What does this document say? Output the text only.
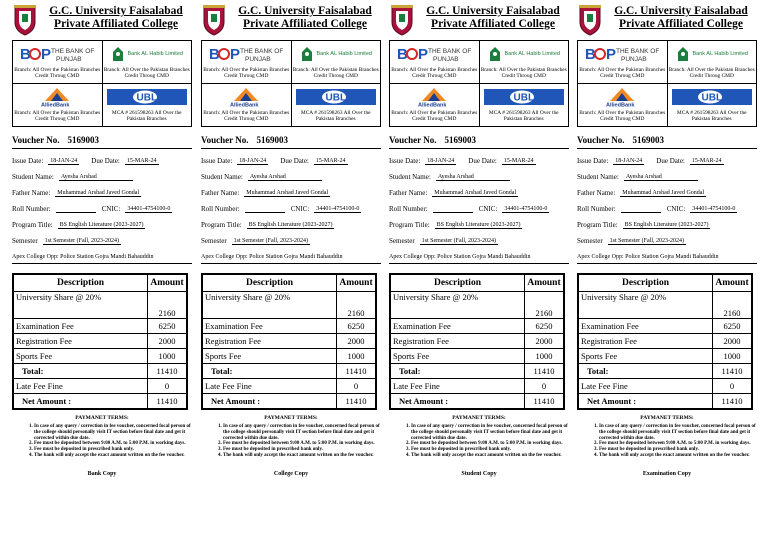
G.C. University Faisalabad
Private Affiliated College
B P THE BANK OF
PUNJAB
Branch: All Over the Pakistan Branches Credit Throug CMD
Bank AL Habib Limited
Branch: All Over the Pakistan Branches Credit Throug CMD
AlliedBank
Branch: All Over the Pakistan Branches Credit Throug CMD
UBL
MCA # 261598263 All Over the Pakistan Branches
Voucher No. 5169003
Issue Date:	18-JAN-24 Due Date:	15-MAR-24
Student Name:	Ayesha Arshad
Father Name:	Muhammad Arshad Javed Gondal
Roll Number:	CNIC:	34401-4754100-0
Program Title:	BS English Literature (2023-2027)
Semester	1st Semester (Fall, 2023-2024)
Apex College Opp: Police Station Gojra Mandi Bahauddin
Description	Amount
University Share @ 20%	2160
Examination Fee	6250
Registration Fee	2000
Sports Fee	1000
Total:	11410
Late Fee Fine	0
Net Amount :	11410
PAYMANET TERMS:
1. In case of any query / correction in fee voucher, concerned focal person of the college should personally visit IT section before final date and get it corrected within due date.
2. Fee must be deposited between 9:00 A.M. to 5:00 P.M. in working days.
3. Fee must be deposited in prescribed bank only.
4. The bank will only accept the exact amount written on the fee voucher.
Bank Copy
G.C. University Faisalabad
Private Affiliated College
B P THE BANK OF
PUNJAB
Branch: All Over the Pakistan Branches Credit Throug CMD
Bank AL Habib Limited
Branch: All Over the Pakistan Branches Credit Throug CMD
AlliedBank
Branch: All Over the Pakistan Branches Credit Throug CMD
UBL
MCA # 261598263 All Over the Pakistan Branches
Voucher No. 5169003
Issue Date:	18-JAN-24 Due Date:	15-MAR-24
Student Name:	Ayesha Arshad
Father Name:	Muhammad Arshad Javed Gondal
Roll Number:	CNIC:	34401-4754100-0
Program Title:	BS English Literature (2023-2027)
Semester	1st Semester (Fall, 2023-2024)
Apex College Opp: Police Station Gojra Mandi Bahauddin
Description	Amount
University Share @ 20%	2160
Examination Fee	6250
Registration Fee	2000
Sports Fee	1000
Total:	11410
Late Fee Fine	0
Net Amount :	11410
PAYMANET TERMS:
1. In case of any query / correction in fee voucher, concerned focal person of the college should personally visit IT section before final date and get it corrected within due date.
2. Fee must be deposited between 9:00 A.M. to 5:00 P.M. in working days.
3. Fee must be deposited in prescribed bank only.
4. The bank will only accept the exact amount written on the fee voucher.
College Copy
G.C. University Faisalabad
Private Affiliated College
B P THE BANK OF
PUNJAB
Branch: All Over the Pakistan Branches Credit Throug CMD
Bank AL Habib Limited
Branch: All Over the Pakistan Branches Credit Throug CMD
AlliedBank
Branch: All Over the Pakistan Branches Credit Throug CMD
UBL
MCA # 261598263 All Over the Pakistan Branches
Voucher No. 5169003
Issue Date:	18-JAN-24 Due Date:	15-MAR-24
Student Name:	Ayesha Arshad
Father Name:	Muhammad Arshad Javed Gondal
Roll Number:	CNIC:	34401-4754100-0
Program Title:	BS English Literature (2023-2027)
Semester	1st Semester (Fall, 2023-2024)
Apex College Opp: Police Station Gojra Mandi Bahauddin
Description	Amount
University Share @ 20%	2160
Examination Fee	6250
Registration Fee	2000
Sports Fee	1000
Total:	11410
Late Fee Fine	0
Net Amount :	11410
PAYMANET TERMS:
1. In case of any query / correction in fee voucher, concerned focal person of the college should personally visit IT section before final date and get it corrected within due date.
2. Fee must be deposited between 9:00 A.M. to 5:00 P.M. in working days.
3. Fee must be deposited in prescribed bank only.
4. The bank will only accept the exact amount written on the fee voucher.
Student Copy
G.C. University Faisalabad
Private Affiliated College
B P THE BANK OF
PUNJAB
Branch: All Over the Pakistan Branches Credit Throug CMD
Bank AL Habib Limited
Branch: All Over the Pakistan Branches Credit Throug CMD
AlliedBank
Branch: All Over the Pakistan Branches Credit Throug CMD
UBL
MCA # 261598263 All Over the Pakistan Branches
Voucher No. 5169003
Issue Date:	18-JAN-24 Due Date:	15-MAR-24
Student Name:	Ayesha Arshad
Father Name:	Muhammad Arshad Javed Gondal
Roll Number:	CNIC:	34401-4754100-0
Program Title:	BS English Literature (2023-2027)
Semester	1st Semester (Fall, 2023-2024)
Apex College Opp: Police Station Gojra Mandi Bahauddin
Description	Amount
University Share @ 20%	2160
Examination Fee	6250
Registration Fee	2000
Sports Fee	1000
Total:	11410
Late Fee Fine	0
Net Amount :	11410
PAYMANET TERMS:
1. In case of any query / correction in fee voucher, concerned focal person of the college should personally visit IT section before final date and get it corrected within due date.
2. Fee must be deposited between 9:00 A.M. to 5:00 P.M. in working days.
3. Fee must be deposited in prescribed bank only.
4. The bank will only accept the exact amount written on the fee voucher.
Examination Copy
